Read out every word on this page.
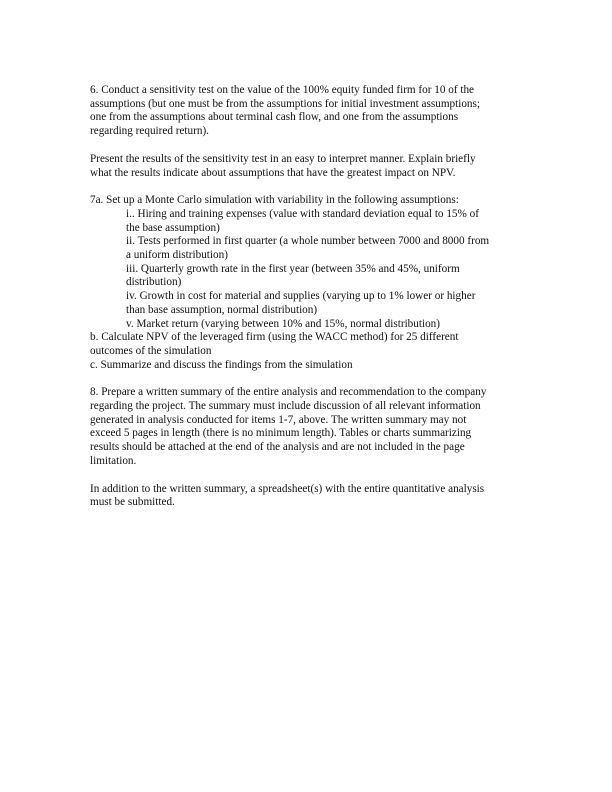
6. Conduct a sensitivity test on the value of the 100% equity funded firm for 10 of the
assumptions (but one must be from the assumptions for initial investment assumptions;
one from the assumptions about terminal cash flow, and one from the assumptions
regarding required return).

Present the results of the sensitivity test in an easy to interpret manner. Explain briefly
what the results indicate about assumptions that have the greatest impact on NPV.

7a. Set up a Monte Carlo simulation with variability in the following assumptions:
i.. Hiring and training expenses (value with standard deviation equal to 15% of
the base assumption)
ii. Tests performed in first quarter (a whole number between 7000 and 8000 from
a uniform distribution)
iii. Quarterly growth rate in the first year (between 35% and 45%, uniform
distribution)
iv. Growth in cost for material and supplies (varying up to 1% lower or higher
than base assumption, normal distribution)
v. Market return (varying between 10% and 15%, normal distribution)
b. Calculate NPV of the leveraged firm (using the WACC method) for 25 different
outcomes of the simulation
c. Summarize and discuss the findings from the simulation

8. Prepare a written summary of the entire analysis and recommendation to the company
regarding the project. The summary must include discussion of all relevant information
generated in analysis conducted for items 1-7, above. The written summary may not
exceed 5 pages in length (there is no minimum length). Tables or charts summarizing
results should be attached at the end of the analysis and are not included in the page
limitation.

In addition to the written summary, a spreadsheet(s) with the entire quantitative analysis
must be submitted.
